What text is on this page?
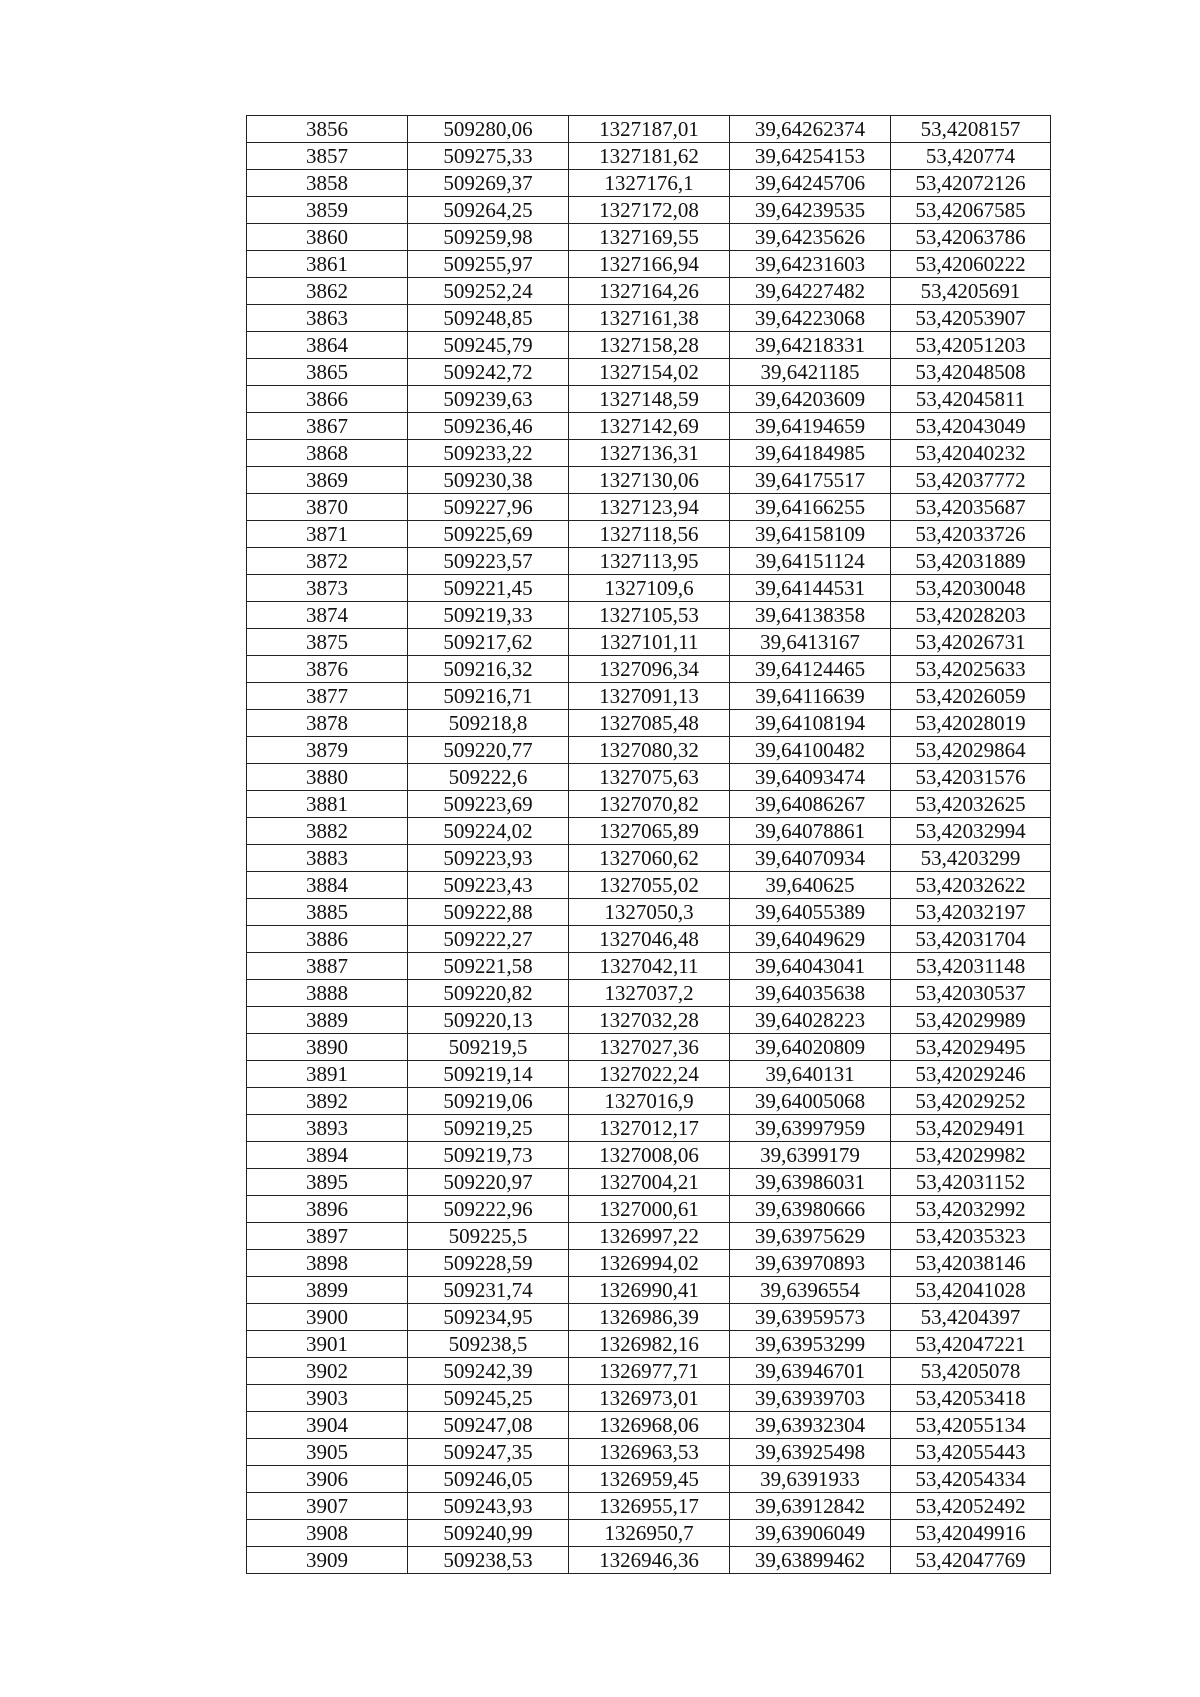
3856	509280,06	1327187,01	39,64262374	53,4208157
3857	509275,33	1327181,62	39,64254153	53,420774
3858	509269,37	1327176,1	39,64245706	53,42072126
3859	509264,25	1327172,08	39,64239535	53,42067585
3860	509259,98	1327169,55	39,64235626	53,42063786
3861	509255,97	1327166,94	39,64231603	53,42060222
3862	509252,24	1327164,26	39,64227482	53,4205691
3863	509248,85	1327161,38	39,64223068	53,42053907
3864	509245,79	1327158,28	39,64218331	53,42051203
3865	509242,72	1327154,02	39,6421185	53,42048508
3866	509239,63	1327148,59	39,64203609	53,42045811
3867	509236,46	1327142,69	39,64194659	53,42043049
3868	509233,22	1327136,31	39,64184985	53,42040232
3869	509230,38	1327130,06	39,64175517	53,42037772
3870	509227,96	1327123,94	39,64166255	53,42035687
3871	509225,69	1327118,56	39,64158109	53,42033726
3872	509223,57	1327113,95	39,64151124	53,42031889
3873	509221,45	1327109,6	39,64144531	53,42030048
3874	509219,33	1327105,53	39,64138358	53,42028203
3875	509217,62	1327101,11	39,6413167	53,42026731
3876	509216,32	1327096,34	39,64124465	53,42025633
3877	509216,71	1327091,13	39,64116639	53,42026059
3878	509218,8	1327085,48	39,64108194	53,42028019
3879	509220,77	1327080,32	39,64100482	53,42029864
3880	509222,6	1327075,63	39,64093474	53,42031576
3881	509223,69	1327070,82	39,64086267	53,42032625
3882	509224,02	1327065,89	39,64078861	53,42032994
3883	509223,93	1327060,62	39,64070934	53,4203299
3884	509223,43	1327055,02	39,640625	53,42032622
3885	509222,88	1327050,3	39,64055389	53,42032197
3886	509222,27	1327046,48	39,64049629	53,42031704
3887	509221,58	1327042,11	39,64043041	53,42031148
3888	509220,82	1327037,2	39,64035638	53,42030537
3889	509220,13	1327032,28	39,64028223	53,42029989
3890	509219,5	1327027,36	39,64020809	53,42029495
3891	509219,14	1327022,24	39,640131	53,42029246
3892	509219,06	1327016,9	39,64005068	53,42029252
3893	509219,25	1327012,17	39,63997959	53,42029491
3894	509219,73	1327008,06	39,6399179	53,42029982
3895	509220,97	1327004,21	39,63986031	53,42031152
3896	509222,96	1327000,61	39,63980666	53,42032992
3897	509225,5	1326997,22	39,63975629	53,42035323
3898	509228,59	1326994,02	39,63970893	53,42038146
3899	509231,74	1326990,41	39,6396554	53,42041028
3900	509234,95	1326986,39	39,63959573	53,4204397
3901	509238,5	1326982,16	39,63953299	53,42047221
3902	509242,39	1326977,71	39,63946701	53,4205078
3903	509245,25	1326973,01	39,63939703	53,42053418
3904	509247,08	1326968,06	39,63932304	53,42055134
3905	509247,35	1326963,53	39,63925498	53,42055443
3906	509246,05	1326959,45	39,6391933	53,42054334
3907	509243,93	1326955,17	39,63912842	53,42052492
3908	509240,99	1326950,7	39,63906049	53,42049916
3909	509238,53	1326946,36	39,63899462	53,42047769
